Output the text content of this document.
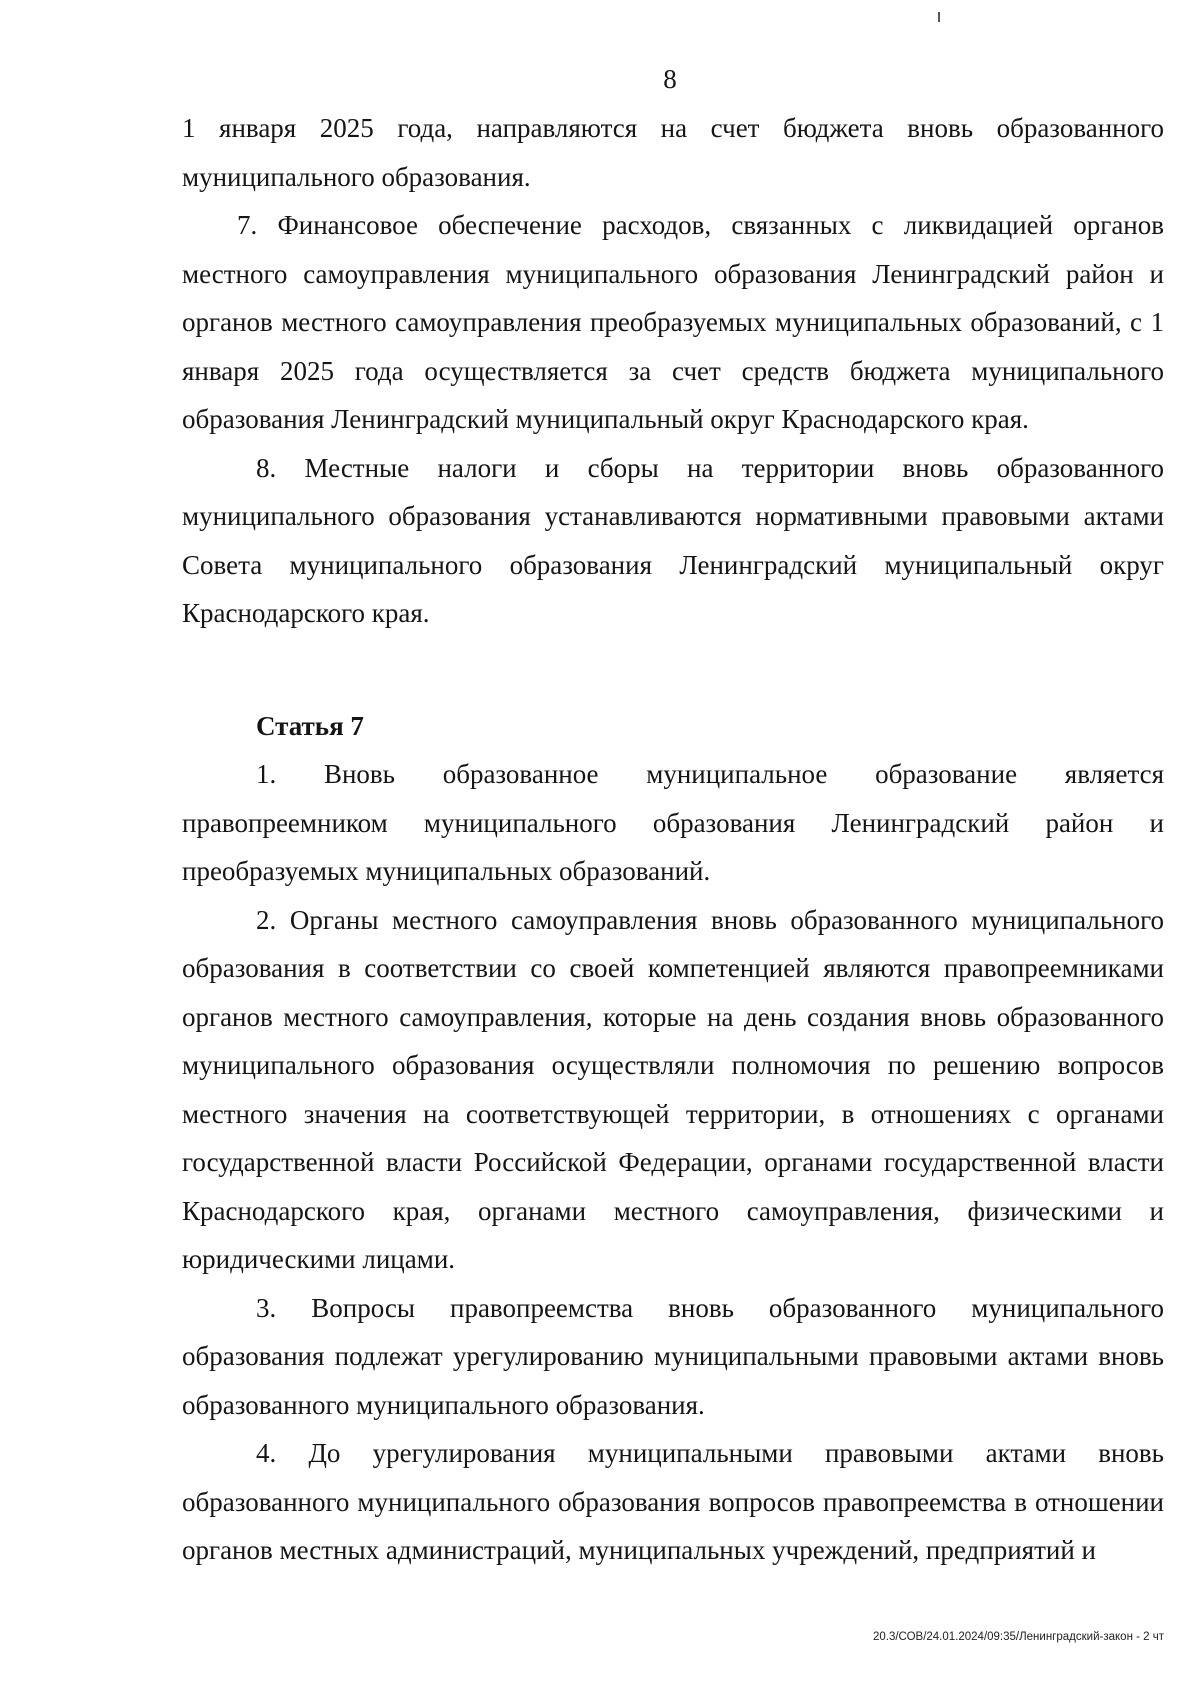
8

1 января 2025 года, направляются на счет бюджета вновь образованного муниципального образования.

7. Финансовое обеспечение расходов, связанных с ликвидацией органов местного самоуправления муниципального образования Ленинградский район и органов местного самоуправления преобразуемых муниципальных образований, с 1 января 2025 года осуществляется за счет средств бюджета муниципального образования Ленинградский муниципальный округ Краснодарского края.

8. Местные налоги и сборы на территории вновь образованного муниципального образования устанавливаются нормативными правовыми актами Совета муниципального образования Ленинградский муниципальный округ Краснодарского края.

Статья 7

1. Вновь образованное муниципальное образование является правопреемником муниципального образования Ленинградский район и преобразуемых муниципальных образований.

2. Органы местного самоуправления вновь образованного муниципального образования в соответствии со своей компетенцией являются правопреемниками органов местного самоуправления, которые на день создания вновь образованного муниципального образования осуществляли полномочия по решению вопросов местного значения на соответствующей территории, в отношениях с органами государственной власти Российской Федерации, органами государственной власти Краснодарского края, органами местного самоуправления, физическими и юридическими лицами.

3. Вопросы правопреемства вновь образованного муниципального образования подлежат урегулированию муниципальными правовыми актами вновь образованного муниципального образования.

4. До урегулирования муниципальными правовыми актами вновь образованного муниципального образования вопросов правопреемства в отношении органов местных администраций, муниципальных учреждений, предприятий и

20.3/СОВ/24.01.2024/09:35/Ленинградский-закон - 2 чт
